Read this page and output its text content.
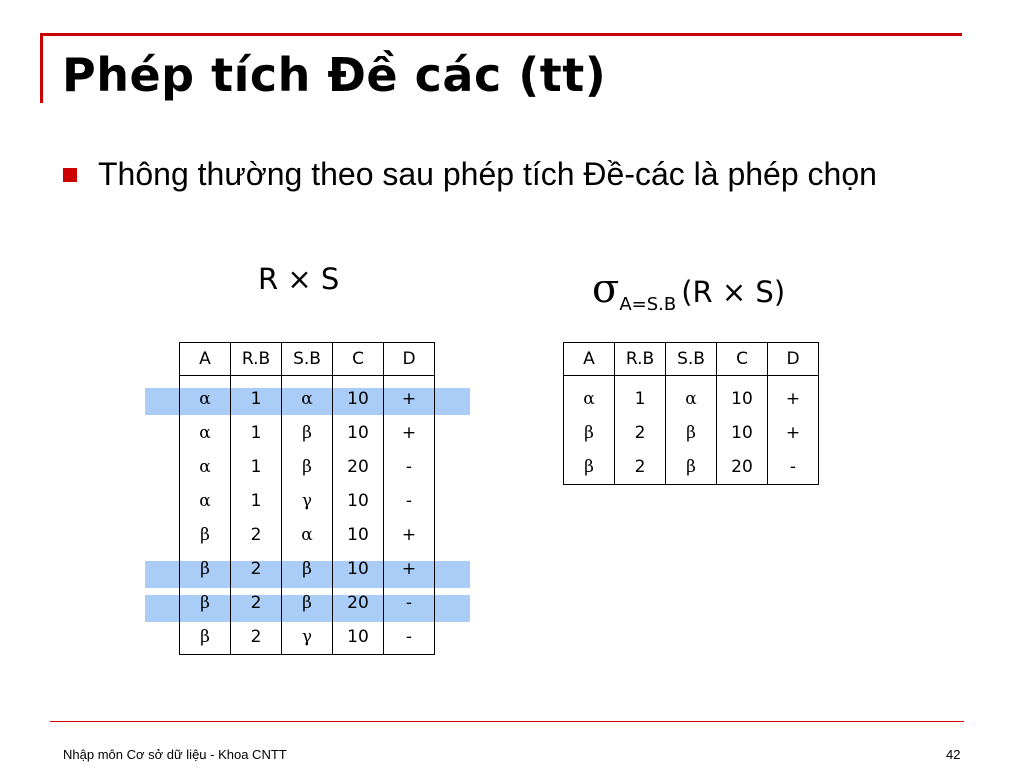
Phép tích Đề các (tt)
Thông thường theo sau phép tích Đề-các là phép chọn
R × S	$\sigma_{A=S.B}$ (R × S)
A	R.B	S.B	C	D

α	1	α	10	+
α	1	β	10	+
α	1	β	20	-
α	1	γ	10	-
β	2	α	10	+
β	2	β	10	+
β	2	β	20	-
β	2	γ	10	-
A	R.B	S.B	C	D

α	1	α	10	+
β	2	β	10	+
β	2	β	20	-
Nhập môn Cơ sở dữ liệu - Khoa CNTT	42
